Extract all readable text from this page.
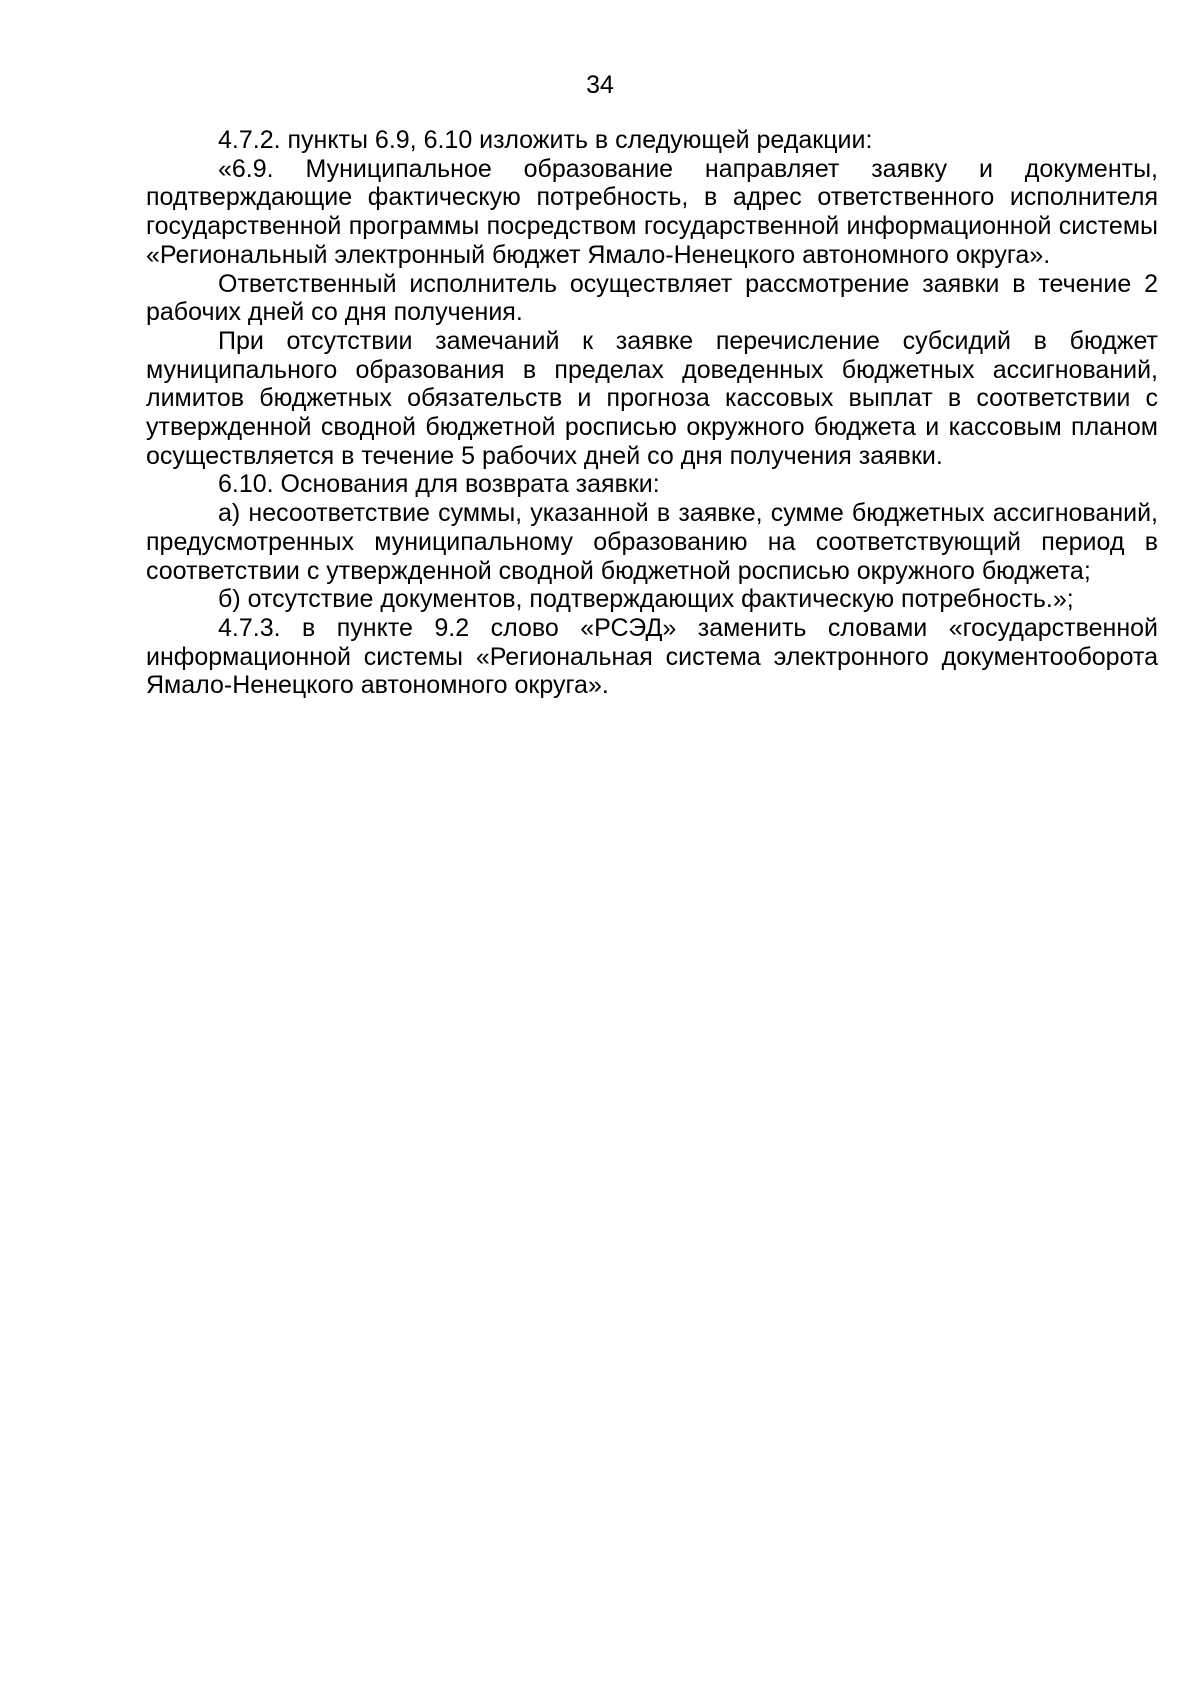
34

4.7.2. пункты 6.9, 6.10 изложить в следующей редакции:

«6.9. Муниципальное образование направляет заявку и документы, подтверждающие фактическую потребность, в адрес ответственного исполнителя государственной программы посредством государственной информационной системы «Региональный электронный бюджет Ямало-Ненецкого автономного округа».

Ответственный исполнитель осуществляет рассмотрение заявки в течение 2 рабочих дней со дня получения.

При отсутствии замечаний к заявке перечисление субсидий в бюджет муниципального образования в пределах доведенных бюджетных ассигнований, лимитов бюджетных обязательств и прогноза кассовых выплат в соответствии с утвержденной сводной бюджетной росписью окружного бюджета и кассовым планом осуществляется в течение 5 рабочих дней со дня получения заявки.

6.10. Основания для возврата заявки:

а) несоответствие суммы, указанной в заявке, сумме бюджетных ассигнований, предусмотренных муниципальному образованию на соответствующий период в соответствии с утвержденной сводной бюджетной росписью окружного бюджета;

б) отсутствие документов, подтверждающих фактическую потребность.»;

4.7.3. в пункте 9.2 слово «РСЭД» заменить словами «государственной информационной системы «Региональная система электронного документооборота Ямало-Ненецкого автономного округа».
